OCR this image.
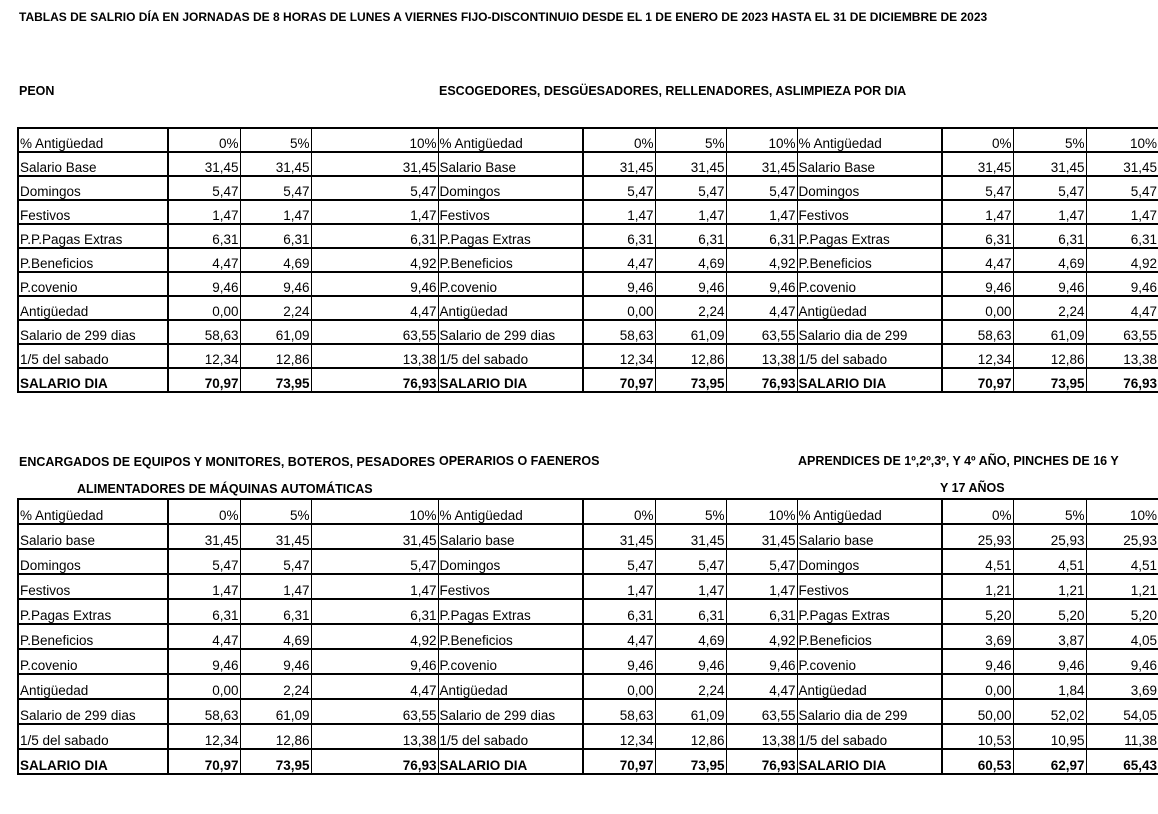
TABLAS DE SALRIO DÍA EN JORNADAS DE 8 HORAS DE LUNES A VIERNES FIJO-DISCONTINUIO DESDE EL 1 DE ENERO DE 2023 HASTA EL 31 DE DICIEMBRE DE 2023
PEON	ESCOGEDORES, DESGÜESADORES, RELLENADORES, ASLIMPIEZA POR DIA
% Antigüedad	0%	5%	10%	% Antigüedad	0%	5%	10%	% Antigüedad	0%	5%	10%
Salario Base	31,45	31,45	31,45	Salario Base	31,45	31,45	31,45	Salario Base	31,45	31,45	31,45
Domingos	5,47	5,47	5,47	Domingos	5,47	5,47	5,47	Domingos	5,47	5,47	5,47
Festivos	1,47	1,47	1,47	Festivos	1,47	1,47	1,47	Festivos	1,47	1,47	1,47
P.P.Pagas Extras	6,31	6,31	6,31	P.Pagas Extras	6,31	6,31	6,31	P.Pagas Extras	6,31	6,31	6,31
P.Beneficios	4,47	4,69	4,92	P.Beneficios	4,47	4,69	4,92	P.Beneficios	4,47	4,69	4,92
P.covenio	9,46	9,46	9,46	P.covenio	9,46	9,46	9,46	P.covenio	9,46	9,46	9,46
Antigüedad	0,00	2,24	4,47	Antigüedad	0,00	2,24	4,47	Antigüedad	0,00	2,24	4,47
Salario de 299 dias	58,63	61,09	63,55	Salario de 299 dias	58,63	61,09	63,55	Salario dia de 299	58,63	61,09	63,55
1/5 del sabado	12,34	12,86	13,38	1/5 del sabado	12,34	12,86	13,38	1/5 del sabado	12,34	12,86	13,38
SALARIO DIA	70,97	73,95	76,93	SALARIO DIA	70,97	73,95	76,93	SALARIO DIA	70,97	73,95	76,93
ENCARGADOS DE EQUIPOS Y MONITORES, BOTEROS, PESADORES
ALIMENTADORES DE MÁQUINAS AUTOMÁTICAS
OPERARIOS O FAENEROS	APRENDICES DE 1º,2º,3º, Y 4º AÑO, PINCHES DE 16 Y
Y 17 AÑOS
% Antigüedad	0%	5%	10%	% Antigüedad	0%	5%	10%	% Antigüedad	0%	5%	10%
Salario base	31,45	31,45	31,45	Salario base	31,45	31,45	31,45	Salario base	25,93	25,93	25,93
Domingos	5,47	5,47	5,47	Domingos	5,47	5,47	5,47	Domingos	4,51	4,51	4,51
Festivos	1,47	1,47	1,47	Festivos	1,47	1,47	1,47	Festivos	1,21	1,21	1,21
P.Pagas Extras	6,31	6,31	6,31	P.Pagas Extras	6,31	6,31	6,31	P.Pagas Extras	5,20	5,20	5,20
P.Beneficios	4,47	4,69	4,92	P.Beneficios	4,47	4,69	4,92	P.Beneficios	3,69	3,87	4,05
P.covenio	9,46	9,46	9,46	P.covenio	9,46	9,46	9,46	P.covenio	9,46	9,46	9,46
Antigüedad	0,00	2,24	4,47	Antigüedad	0,00	2,24	4,47	Antigüedad	0,00	1,84	3,69
Salario de 299 dias	58,63	61,09	63,55	Salario de 299 dias	58,63	61,09	63,55	Salario dia de 299	50,00	52,02	54,05
1/5 del sabado	12,34	12,86	13,38	1/5 del sabado	12,34	12,86	13,38	1/5 del sabado	10,53	10,95	11,38
SALARIO DIA	70,97	73,95	76,93	SALARIO DIA	70,97	73,95	76,93	SALARIO DIA	60,53	62,97	65,43
